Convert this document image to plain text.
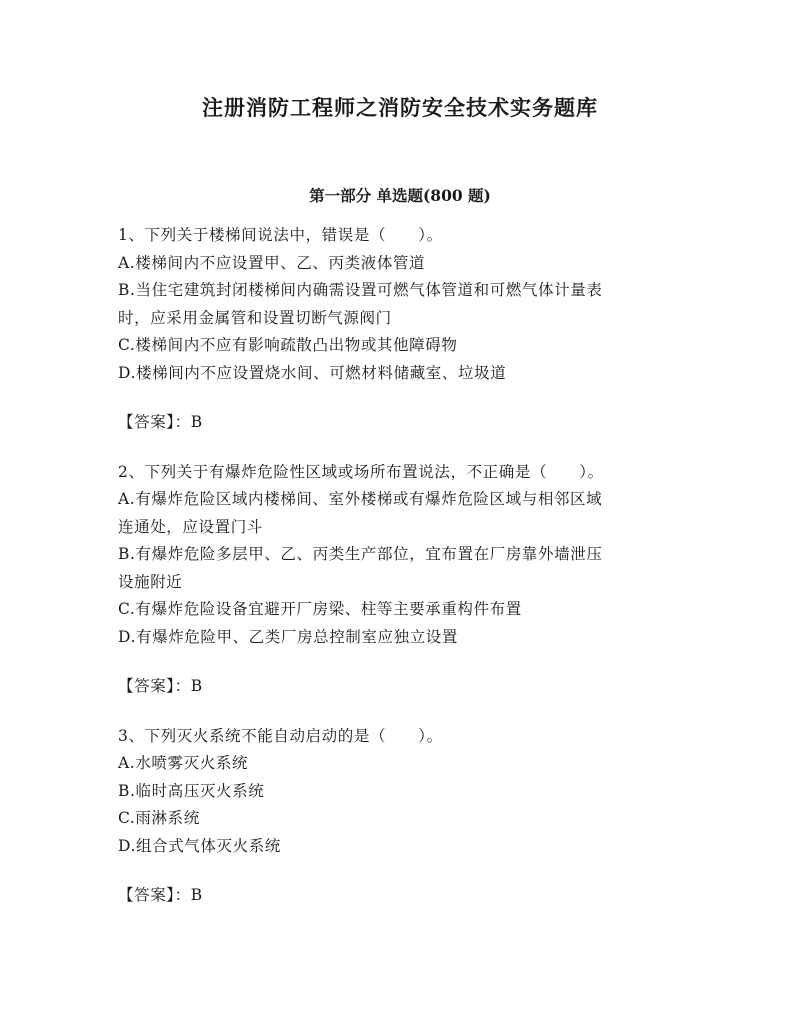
注册消防工程师之消防安全技术实务题库
第一部分 单选题(800 题)

1、下列关于楼梯间说法中，错误是（　　）。

A.楼梯间内不应设置甲、乙、丙类液体管道

B.当住宅建筑封闭楼梯间内确需设置可燃气体管道和可燃气体计量表

时，应采用金属管和设置切断气源阀门

C.楼梯间内不应有影响疏散凸出物或其他障碍物

D.楼梯间内不应设置烧水间、可燃材料储藏室、垃圾道

【答案】：B

2、下列关于有爆炸危险性区域或场所布置说法，不正确是（　　）。

A.有爆炸危险区域内楼梯间、室外楼梯或有爆炸危险区域与相邻区域

连通处，应设置门斗

B.有爆炸危险多层甲、乙、丙类生产部位，宜布置在厂房靠外墙泄压

设施附近

C.有爆炸危险设备宜避开厂房梁、柱等主要承重构件布置

D.有爆炸危险甲、乙类厂房总控制室应独立设置

【答案】：B

3、下列灭火系统不能自动启动的是（　　）。

A.水喷雾灭火系统

B.临时高压灭火系统

C.雨淋系统

D.组合式气体灭火系统

【答案】：B
